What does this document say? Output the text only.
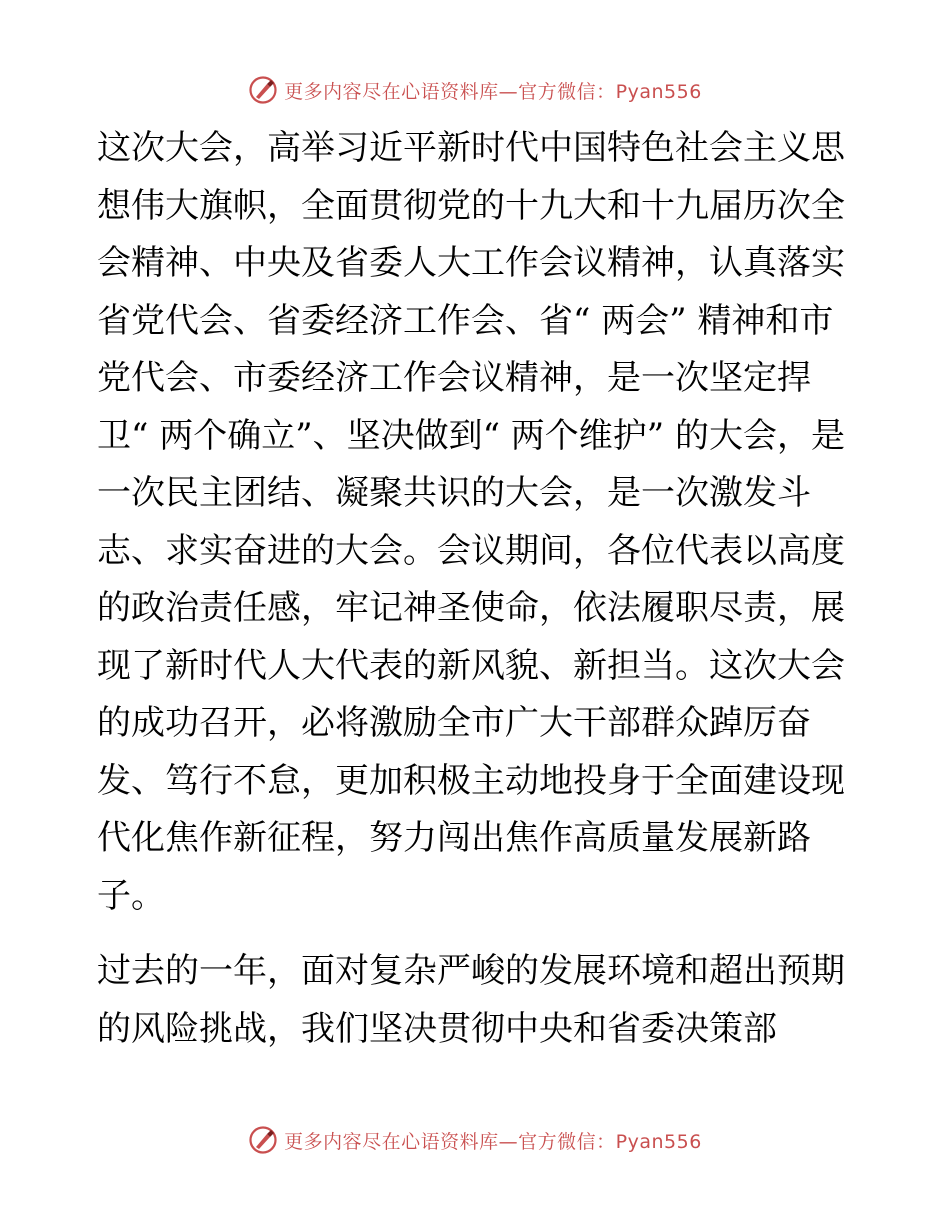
更多内容尽在心语资料库—官方微信：Pyan556

这次大会，高举习近平新时代中国特色社会主义思想伟大旗帜，全面贯彻党的十九大和十九届历次全会精神、中央及省委人大工作会议精神，认真落实省党代会、省委经济工作会、省“ 两会” 精神和市党代会、市委经济工作会议精神，是一次坚定捍卫“ 两个确立”、坚决做到“ 两个维护” 的大会，是一次民主团结、凝聚共识的大会，是一次激发斗志、求实奋进的大会。会议期间，各位代表以高度的政治责任感，牢记神圣使命，依法履职尽责，展现了新时代人大代表的新风貌、新担当。这次大会的成功召开，必将激励全市广大干部群众踔厉奋发、笃行不怠，更加积极主动地投身于全面建设现代化焦作新征程，努力闯出焦作高质量发展新路子。

过去的一年，面对复杂严峻的发展环境和超出预期的风险挑战，我们坚决贯彻中央和省委决策部

更多内容尽在心语资料库—官方微信：Pyan556
